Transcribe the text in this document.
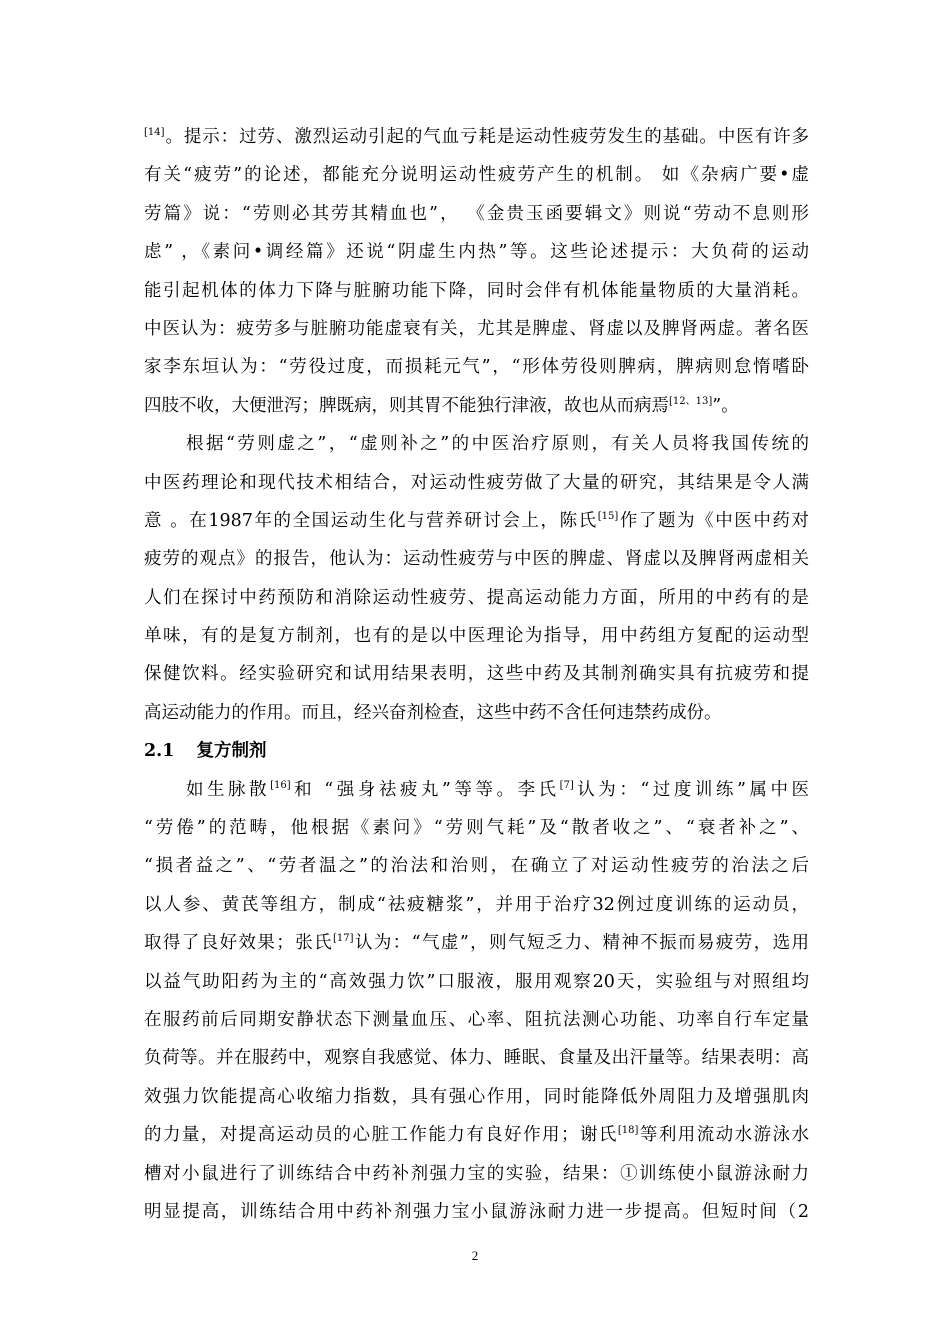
[14]。提示：过劳、激烈运动引起的气血亏耗是运动性疲劳发生的基础。中医有许多
有关“疲劳”的论述，都能充分说明运动性疲劳产生的机制。 如《杂病广要•虚
劳篇》说：“劳则必其劳其精血也”， 《金贵玉函要辑文》则说“劳动不息则形
虑” ，《素问•调经篇》还说“阴虚生内热”等。这些论述提示：大负荷的运动
能引起机体的体力下降与脏腑功能下降，同时会伴有机体能量物质的大量消耗。
中医认为：疲劳多与脏腑功能虚衰有关，尤其是脾虚、肾虚以及脾肾两虚。著名医
家李东垣认为：“劳役过度，而损耗元气”，“形体劳役则脾病，脾病则怠惰嗜卧
四肢不收，大便泄泻；脾既病，则其胃不能独行津液，故也从而病焉[12、13]”。
根据“劳则虚之”，“虚则补之”的中医治疗原则，有关人员将我国传统的
中医药理论和现代技术相结合，对运动性疲劳做了大量的研究，其结果是令人满
意 。在1987年的全国运动生化与营养研讨会上，陈氏[15]作了题为《中医中药对
疲劳的观点》的报告，他认为：运动性疲劳与中医的脾虚、肾虚以及脾肾两虚相关
人们在探讨中药预防和消除运动性疲劳、提高运动能力方面，所用的中药有的是
单味，有的是复方制剂，也有的是以中医理论为指导，用中药组方复配的运动型
保健饮料。经实验研究和试用结果表明，这些中药及其制剂确实具有抗疲劳和提
高运动能力的作用。而且，经兴奋剂检查，这些中药不含任何违禁药成份。
2.1 复方制剂
如生脉散[16]和 “强身祛疲丸”等等。李氏[7]认为：“过度训练”属中医
“劳倦”的范畴，他根据《素问》“劳则气耗”及“散者收之”、“衰者补之”、
“损者益之”、“劳者温之”的治法和治则，在确立了对运动性疲劳的治法之后
以人参、黄芪等组方，制成“祛疲糖浆”，并用于治疗32例过度训练的运动员，
取得了良好效果；张氏[17]认为：“气虚”，则气短乏力、精神不振而易疲劳，选用
以益气助阳药为主的“高效强力饮”口服液，服用观察20天，实验组与对照组均
在服药前后同期安静状态下测量血压、心率、阻抗法测心功能、功率自行车定量
负荷等。并在服药中，观察自我感觉、体力、睡眠、食量及出汗量等。结果表明：高
效强力饮能提高心收缩力指数，具有强心作用，同时能降低外周阻力及增强肌肉
的力量，对提高运动员的心脏工作能力有良好作用；谢氏[18]等利用流动水游泳水
槽对小鼠进行了训练结合中药补剂强力宝的实验，结果：①训练使小鼠游泳耐力
明显提高，训练结合用中药补剂强力宝小鼠游泳耐力进一步提高。但短时间（2
2
